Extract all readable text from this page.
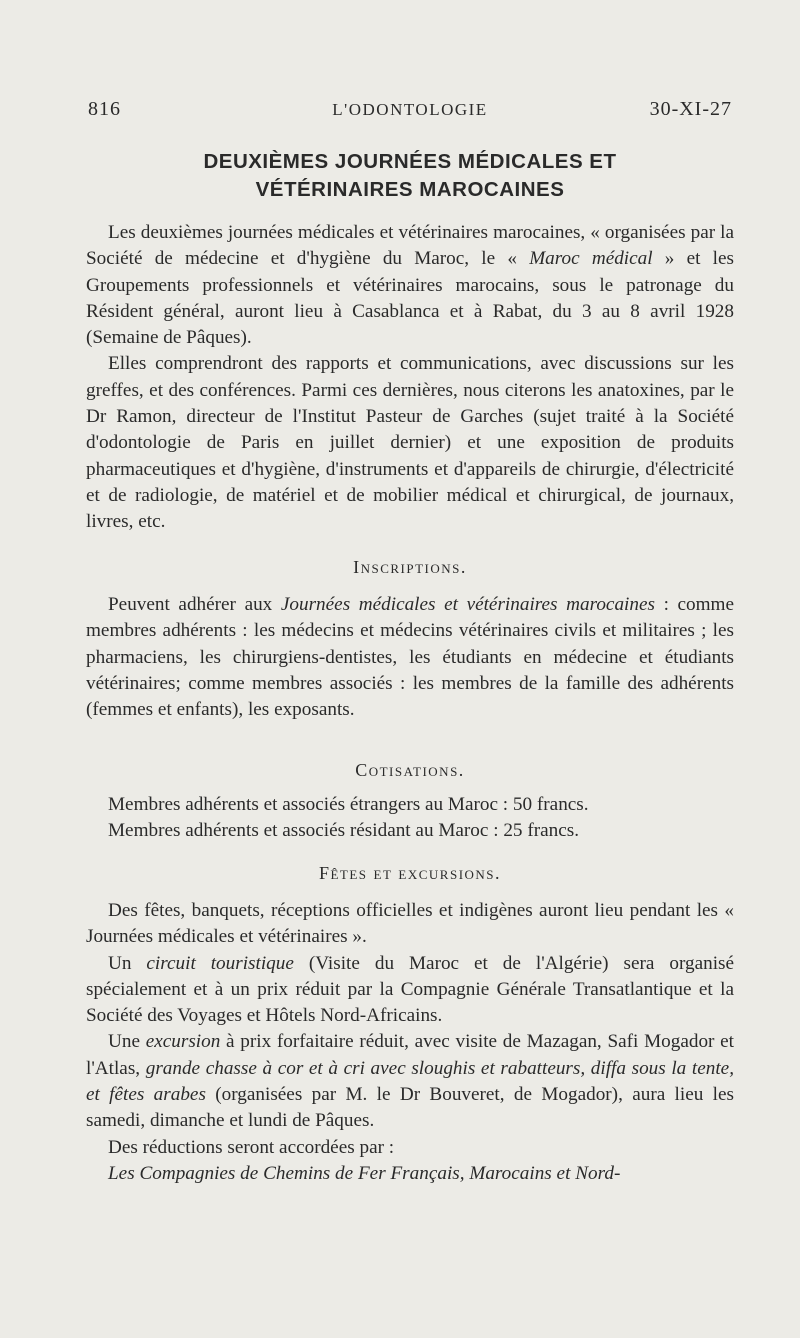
816	L'ODONTOLOGIE	30-XI-27
DEUXIÈMES JOURNÉES MÉDICALES ET
VÉTÉRINAIRES MAROCAINES

Les deuxièmes journées médicales et vétérinaires marocaines, « organisées par la Société de médecine et d'hygiène du Maroc, le « Maroc médical » et les Groupements professionnels et vétérinaires marocains, sous le patronage du Résident général, auront lieu à Casablanca et à Rabat, du 3 au 8 avril 1928 (Semaine de Pâques).

Elles comprendront des rapports et communications, avec discussions sur les greffes, et des conférences. Parmi ces dernières, nous citerons les anatoxines, par le Dr Ramon, directeur de l'Institut Pasteur de Garches (sujet traité à la Société d'odontologie de Paris en juillet dernier) et une exposition de produits pharmaceutiques et d'hygiène, d'instruments et d'appareils de chirurgie, d'électricité et de radiologie, de matériel et de mobilier médical et chirurgical, de journaux, livres, etc.

Inscriptions.

Peuvent adhérer aux Journées médicales et vétérinaires marocaines : comme membres adhérents : les médecins et médecins vétérinaires civils et militaires ; les pharmaciens, les chirurgiens-dentistes, les étudiants en médecine et étudiants vétérinaires; comme membres associés : les membres de la famille des adhérents (femmes et enfants), les exposants.

Cotisations.
Membres adhérents et associés étrangers au Maroc : 50 francs.
Membres adhérents et associés résidant au Maroc : 25 francs.
Fêtes et excursions.

Des fêtes, banquets, réceptions officielles et indigènes auront lieu pendant les « Journées médicales et vétérinaires ».

Un circuit touristique (Visite du Maroc et de l'Algérie) sera organisé spécialement et à un prix réduit par la Compagnie Générale Transatlantique et la Société des Voyages et Hôtels Nord-Africains.

Une excursion à prix forfaitaire réduit, avec visite de Mazagan, Safi Mogador et l'Atlas, grande chasse à cor et à cri avec sloughis et rabatteurs, diffa sous la tente, et fêtes arabes (organisées par M. le Dr Bouveret, de Mogador), aura lieu les samedi, dimanche et lundi de Pâques.

Des réductions seront accordées par :

Les Compagnies de Chemins de Fer Français, Marocains et Nord-
